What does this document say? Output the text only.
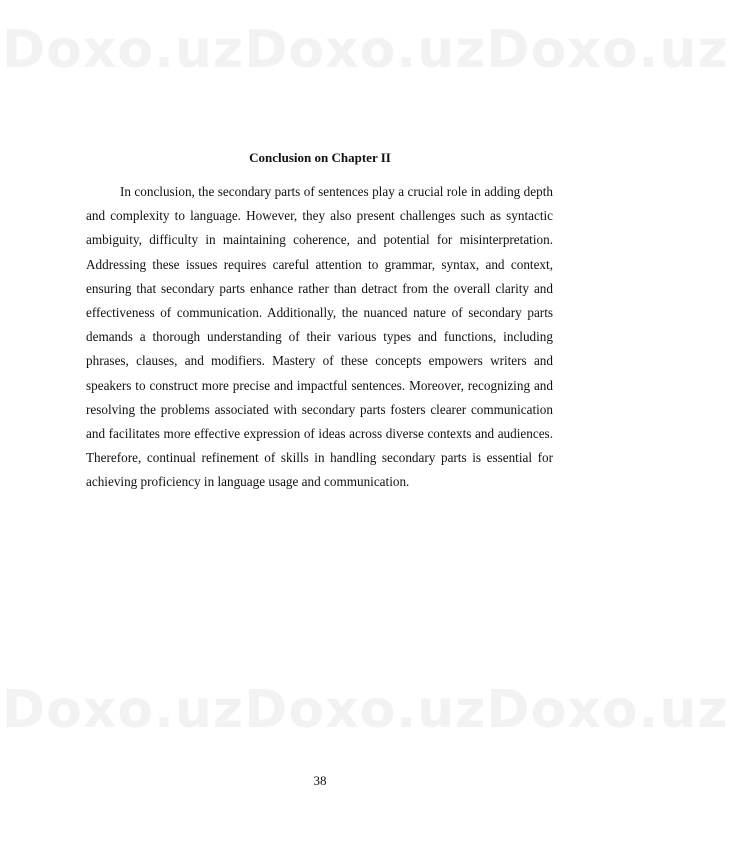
Doxo.uz Doxo.uz Doxo.uz
Doxo.uz Doxo.uz Doxo.uz
Conclusion on Chapter II

In conclusion, the secondary parts of sentences play a crucial role in adding depth and complexity to language. However, they also present challenges such as syntactic ambiguity, difficulty in maintaining coherence, and potential for misinterpretation. Addressing these issues requires careful attention to grammar, syntax, and context, ensuring that secondary parts enhance rather than detract from the overall clarity and effectiveness of communication. Additionally, the nuanced nature of secondary parts demands a thorough understanding of their various types and functions, including phrases, clauses, and modifiers. Mastery of these concepts empowers writers and speakers to construct more precise and impactful sentences. Moreover, recognizing and resolving the problems associated with secondary parts fosters clearer communication and facilitates more effective expression of ideas across diverse contexts and audiences. Therefore, continual refinement of skills in handling secondary parts is essential for achieving proficiency in language usage and communication.

38
